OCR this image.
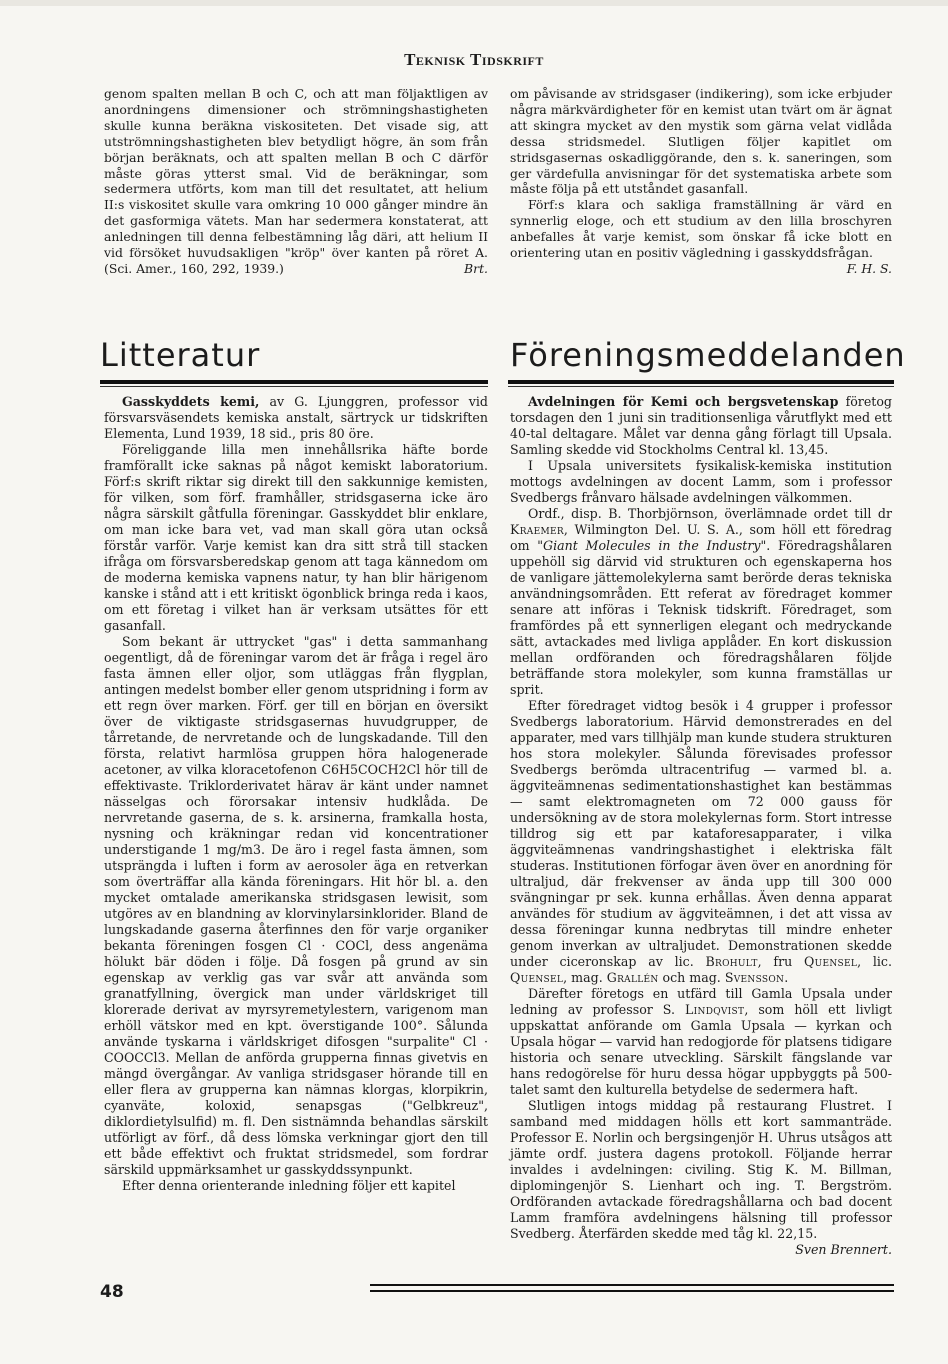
Teknisk Tidskrift

genom spalten mellan B och C, och att man följaktligen av anordningens dimensioner och strömningshastigheten skulle kunna beräkna viskositeten. Det visade sig, att utströmningshastigheten blev betydligt högre, än som från början beräknats, och att spalten mellan B och C därför måste göras ytterst smal. Vid de beräkningar, som sedermera utförts, kom man till det resultatet, att helium II:s viskositet skulle vara omkring 10 000 gånger mindre än det gasformiga vätets. Man har sedermera konstaterat, att anledningen till denna felbestämning låg däri, att helium II vid försöket huvudsakligen "kröp" över kanten på röret A. (Sci. Amer., 160, 292, 1939.)	Brt.

om påvisande av stridsgaser (indikering), som icke erbjuder några märkvärdigheter för en kemist utan tvärt om är ägnat att skingra mycket av den mystik som gärna velat vidlåda dessa stridsmedel. Slutligen följer kapitlet om stridsgasernas oskadliggörande, den s. k. saneringen, som ger värdefulla anvisningar för det systematiska arbete som måste följa på ett utståndet gasanfall.

Förf:s klara och sakliga framställning är värd en synnerlig eloge, och ett studium av den lilla broschyren anbefalles åt varje kemist, som önskar få icke blott en orientering utan en positiv vägledning i gasskyddsfrågan.
F. H. S.

Litteratur	Föreningsmeddelanden

Gasskyddets kemi, av G. Ljunggren, professor vid försvarsväsendets kemiska anstalt, särtryck ur tidskriften Elementa, Lund 1939, 18 sid., pris 80 öre.

Föreliggande lilla men innehållsrika häfte borde framförallt icke saknas på något kemiskt laboratorium. Förf:s skrift riktar sig direkt till den sakkunnige kemisten, för vilken, som förf. framhåller, stridsgaserna icke äro några särskilt gåtfulla föreningar. Gasskyddet blir enklare, om man icke bara vet, vad man skall göra utan också förstår varför. Varje kemist kan dra sitt strå till stacken ifråga om försvarsberedskap genom att taga kännedom om de moderna kemiska vapnens natur, ty han blir härigenom kanske i stånd att i ett kritiskt ögonblick bringa reda i kaos, om ett företag i vilket han är verksam utsättes för ett gasanfall.

Som bekant är uttrycket "gas" i detta sammanhang oegentligt, då de föreningar varom det är fråga i regel äro fasta ämnen eller oljor, som utläggas från flygplan, antingen medelst bomber eller genom utspridning i form av ett regn över marken. Förf. ger till en början en översikt över de viktigaste stridsgasernas huvudgrupper, de tårretande, de nervretande och de lungskadande. Till den första, relativt harmlösa gruppen höra halogenerade acetoner, av vilka kloracetofenon C6H5COCH2Cl hör till de effektivaste. Triklorderivatet härav är känt under namnet nässelgas och förorsakar intensiv hudklåda. De nervretande gaserna, de s. k. arsinerna, framkalla hosta, nysning och kräkningar redan vid koncentrationer understigande 1 mg/m3. De äro i regel fasta ämnen, som utsprängda i luften i form av aerosoler äga en retverkan som överträffar alla kända föreningars. Hit hör bl. a. den mycket omtalade amerikanska stridsgasen lewisit, som utgöres av en blandning av klorvinylarsinklorider. Bland de lungskadande gaserna återfinnes den för varje organiker bekanta föreningen fosgen Cl · COCl, dess angenäma hölukt bär döden i följe. Då fosgen på grund av sin egenskap av verklig gas var svår att använda som granatfyllning, övergick man under världskriget till klorerade derivat av myrsyremetylestern, varigenom man erhöll vätskor med en kpt. överstigande 100°. Sålunda använde tyskarna i världskriget difosgen "surpalite" Cl · COOCCl3. Mellan de anförda grupperna finnas givetvis en mängd övergångar. Av vanliga stridsgaser hörande till en eller flera av grupperna kan nämnas klorgas, klorpikrin, cyanväte, koloxid, senapsgas ("Gelbkreuz", diklordietylsulfid) m. fl. Den sistnämnda behandlas särskilt utförligt av förf., då dess lömska verkningar gjort den till ett både effektivt och fruktat stridsmedel, som fordrar särskild uppmärksamhet ur gasskyddssynpunkt.

Efter denna orienterande inledning följer ett kapitel

Avdelningen för Kemi och bergsvetenskap företog torsdagen den 1 juni sin traditionsenliga vårutflykt med ett 40-tal deltagare. Målet var denna gång förlagt till Upsala. Samling skedde vid Stockholms Central kl. 13,45.

I Upsala universitets fysikalisk-kemiska institution mottogs avdelningen av docent Lamm, som i professor Svedbergs frånvaro hälsade avdelningen välkommen.

Ordf., disp. B. Thorbjörnson, överlämnade ordet till dr Kraemer, Wilmington Del. U. S. A., som höll ett föredrag om "Giant Molecules in the Industry". Föredragshålaren uppehöll sig därvid vid strukturen och egenskaperna hos de vanligare jättemolekylerna samt berörde deras tekniska användningsområden. Ett referat av föredraget kommer senare att införas i Teknisk tidskrift. Föredraget, som framfördes på ett synnerligen elegant och medryckande sätt, avtackades med livliga applåder. En kort diskussion mellan ordföranden och föredragshålaren följde beträffande stora molekyler, som kunna framställas ur sprit.

Efter föredraget vidtog besök i 4 grupper i professor Svedbergs laboratorium. Härvid demonstrerades en del apparater, med vars tillhjälp man kunde studera strukturen hos stora molekyler. Sålunda förevisades professor Svedbergs berömda ultracentrifug — varmed bl. a. äggviteämnenas sedimentationshastighet kan bestämmas — samt elektromagneten om 72 000 gauss för undersökning av de stora molekylernas form. Stort intresse tilldrog sig ett par kataforesapparater, i vilka äggviteämnenas vandringshastighet i elektriska fält studeras. Institutionen förfogar även över en anordning för ultraljud, där frekvenser av ända upp till 300 000 svängningar pr sek. kunna erhållas. Även denna apparat användes för studium av äggviteämnen, i det att vissa av dessa föreningar kunna nedbrytas till mindre enheter genom inverkan av ultraljudet. Demonstrationen skedde under ciceronskap av lic. Brohult, fru Quensel, lic. Quensel, mag. Grallén och mag. Svensson.

Därefter företogs en utfärd till Gamla Upsala under ledning av professor S. Lindqvist, som höll ett livligt uppskattat anförande om Gamla Upsala — kyrkan och Upsala högar — varvid han redogjorde för platsens tidigare historia och senare utveckling. Särskilt fängslande var hans redogörelse för huru dessa högar uppbyggts på 500-talet samt den kulturella betydelse de sedermera haft.

Slutligen intogs middag på restaurang Flustret. I samband med middagen hölls ett kort sammanträde. Professor E. Norlin och bergsingenjör H. Uhrus utsågos att jämte ordf. justera dagens protokoll. Följande herrar invaldes i avdelningen: civiling. Stig K. M. Billman, diplomingenjör S. Lienhart och ing. T. Bergström. Ordföranden avtackade föredragshållarna och bad docent Lamm framföra avdelningens hälsning till professor Svedberg. Återfärden skedde med tåg kl. 22,15.

Sven Brennert.
48
